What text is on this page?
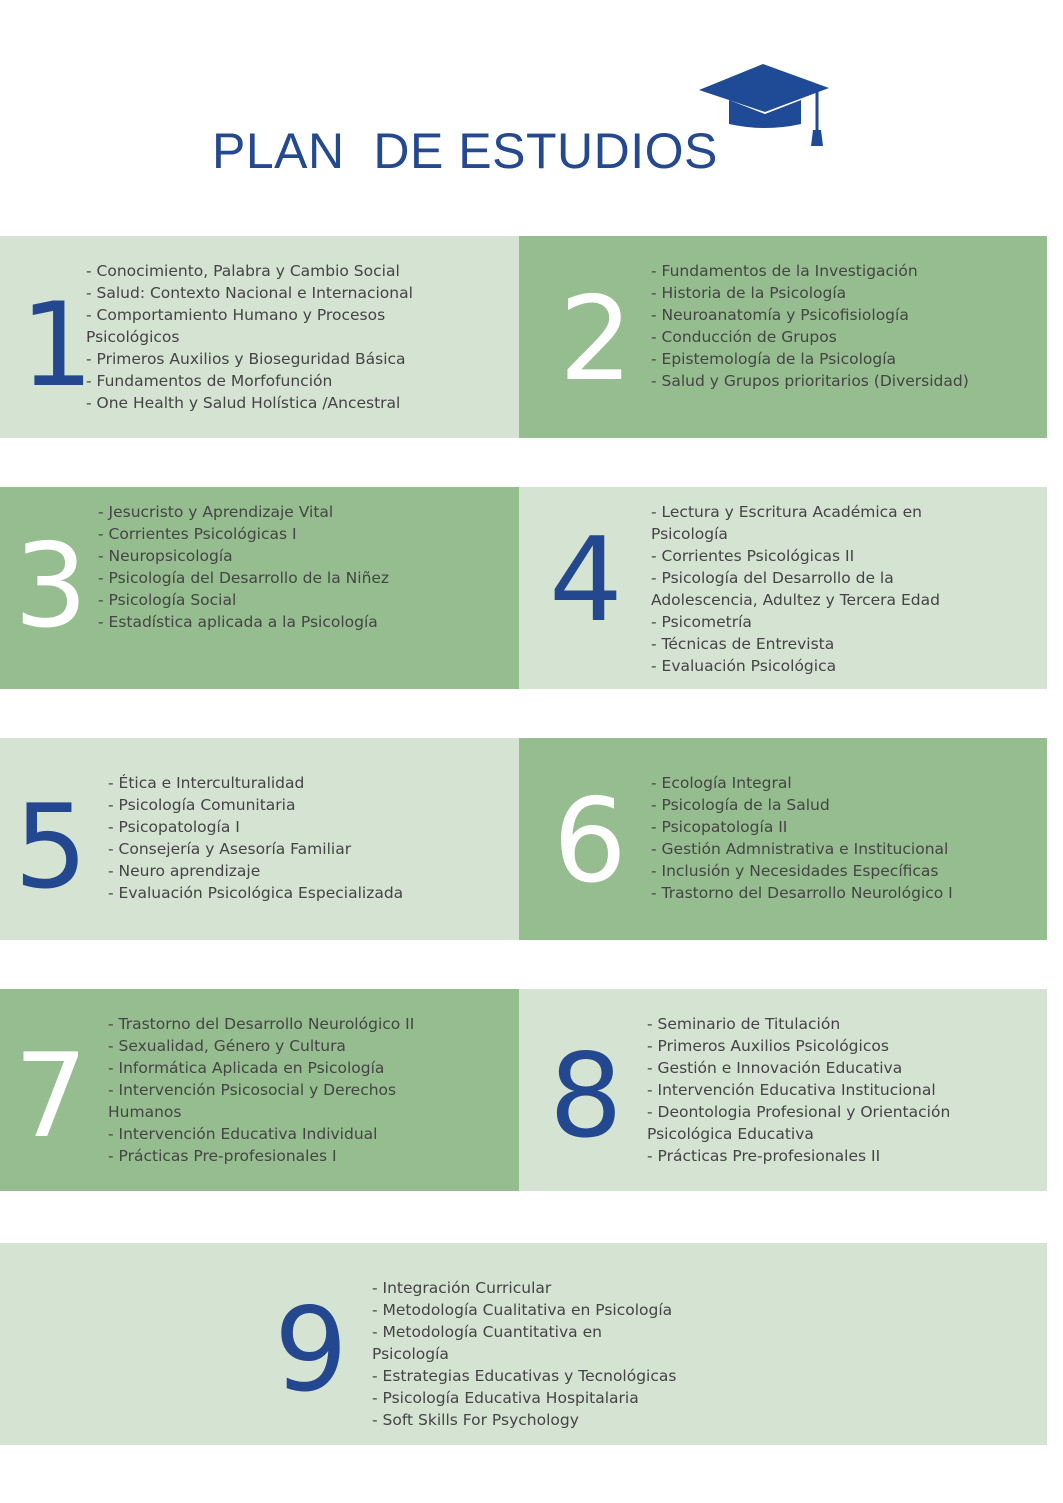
PLAN  DE ESTUDIOS
1
- Conocimiento, Palabra y Cambio Social
- Salud: Contexto Nacional e Internacional
- Comportamiento Humano y Procesos Psicológicos
- Primeros Auxilios y Bioseguridad Básica
- Fundamentos de Morfofunción
- One Health y Salud Holística /Ancestral 2
- Fundamentos de la Investigación
- Historia de la Psicología
- Neuroanatomía y Psicofisiología
- Conducción de Grupos
- Epistemología de la Psicología
- Salud y Grupos prioritarios (Diversidad)
3
- Jesucristo y Aprendizaje Vital
- Corrientes Psicológicas I
- Neuropsicología
- Psicología del Desarrollo de la Niñez
- Psicología Social
- Estadística aplicada a la Psicología	4
- Lectura y Escritura Académica en Psicología
- Corrientes Psicológicas II
- Psicología del Desarrollo de la Adolescencia, Adultez y Tercera Edad
- Psicometría
- Técnicas de Entrevista
- Evaluación Psicológica
5 - Ética e Interculturalidad
- Psicología Comunitaria
- Psicopatología I
- Consejería y Asesoría Familiar
- Neuro aprendizaje
- Evaluación Psicológica Especializada	6 - Ecología Integral
- Psicología de la Salud
- Psicopatología II
- Gestión Admnistrativa e Institucional
- Inclusión y Necesidades Específicas
- Trastorno del Desarrollo Neurológico I
7
- Trastorno del Desarrollo Neurológico II
- Sexualidad, Género y Cultura
- Informática Aplicada en Psicología
- Intervención Psicosocial y Derechos Humanos
- Intervención Educativa Individual
- Prácticas Pre-profesionales I	8
- Seminario de Titulación
- Primeros Auxilios Psicológicos
- Gestión e Innovación Educativa
- Intervención Educativa Institucional
- Deontologia Profesional y Orientación Psicológica Educativa
- Prácticas Pre-profesionales II
9 - Integración Curricular
- Metodología Cualitativa en Psicología
- Metodología Cuantitativa en Psicología
- Estrategias Educativas y Tecnológicas
- Psicología Educativa Hospitalaria
- Soft Skills For Psychology
